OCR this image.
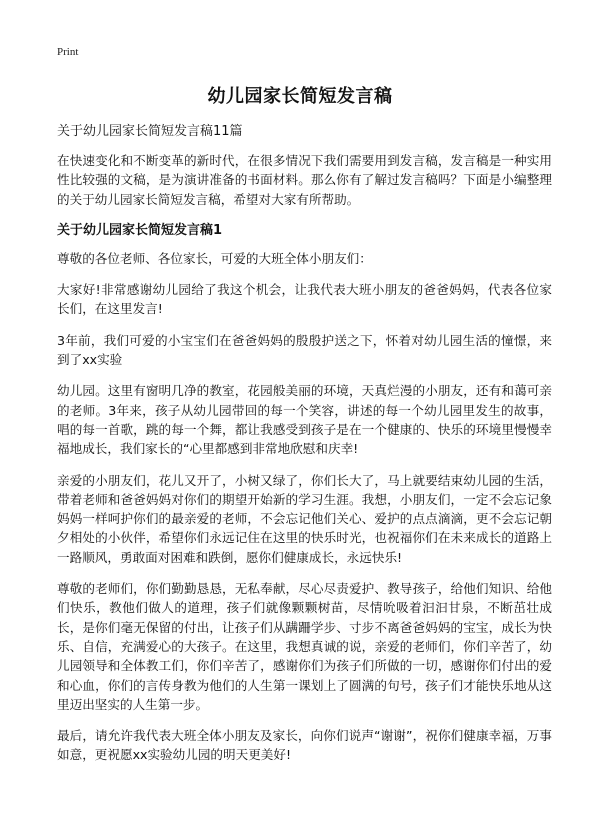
Print
幼儿园家长简短发言稿
关于幼儿园家长简短发言稿11篇

在快速变化和不断变革的新时代，在很多情况下我们需要用到发言稿，发言稿是一种实用性比较强的文稿，是为演讲准备的书面材料。那么你有了解过发言稿吗？下面是小编整理的关于幼儿园家长简短发言稿，希望对大家有所帮助。

关于幼儿园家长简短发言稿1

尊敬的各位老师、各位家长，可爱的大班全体小朋友们：

大家好!非常感谢幼儿园给了我这个机会，让我代表大班小朋友的爸爸妈妈，代表各位家长们，在这里发言!

3年前，我们可爱的小宝宝们在爸爸妈妈的殷殷护送之下，怀着对幼儿园生活的憧憬，来到了xx实验

幼儿园。这里有窗明几净的教室，花园般美丽的环境，天真烂漫的小朋友，还有和蔼可亲的老师。3年来，孩子从幼儿园带回的每一个笑容，讲述的每一个幼儿园里发生的故事，唱的每一首歌，跳的每一个舞，都让我感受到孩子是在一个健康的、快乐的环境里慢慢幸福地成长，我们家长的“心里都感到非常地欣慰和庆幸!

亲爱的小朋友们，花儿又开了，小树又绿了，你们长大了，马上就要结束幼儿园的生活，带着老师和爸爸妈妈对你们的期望开始新的学习生涯。我想，小朋友们，一定不会忘记象妈妈一样呵护你们的最亲爱的老师，不会忘记他们关心、爱护的点点滴滴，更不会忘记朝夕相处的小伙伴，希望你们永远记住在这里的快乐时光，也祝福你们在未来成长的道路上一路顺风，勇敢面对困难和跌倒，愿你们健康成长，永远快乐!

尊敬的老师们，你们勤勤恳恳，无私奉献，尽心尽责爱护、教导孩子，给他们知识、给他们快乐，教他们做人的道理，孩子们就像颗颗树苗，尽情吮吸着汩汩甘泉，不断茁壮成长，是你们毫无保留的付出，让孩子们从蹒跚学步、寸步不离爸爸妈妈的宝宝，成长为快乐、自信，充满爱心的大孩子。在这里，我想真诚的说，亲爱的老师们，你们辛苦了，幼儿园领导和全体教工们，你们辛苦了，感谢你们为孩子们所做的一切，感谢你们付出的爱和心血，你们的言传身教为他们的人生第一课划上了圆满的句号，孩子们才能快乐地从这里迈出坚实的人生第一步。

最后，请允许我代表大班全体小朋友及家长，向你们说声“谢谢”，祝你们健康幸福，万事如意，更祝愿xx实验幼儿园的明天更美好!
